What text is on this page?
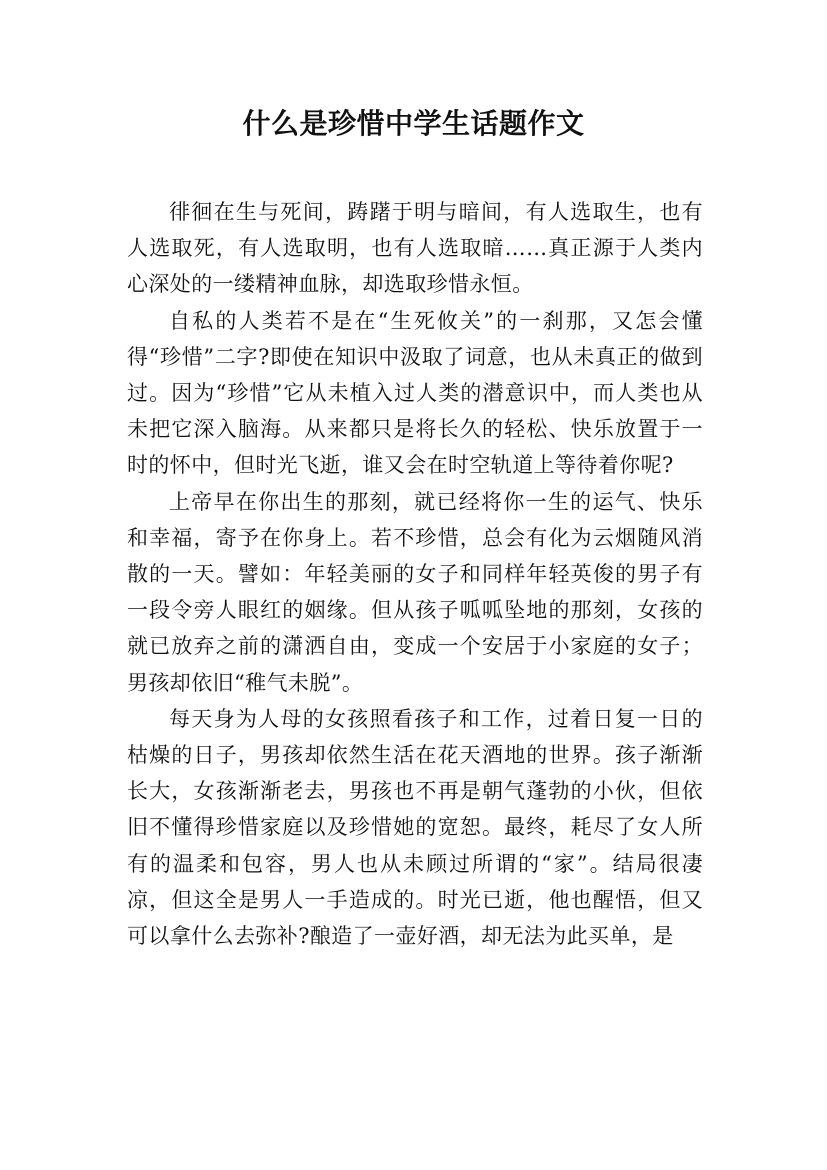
什么是珍惜中学生话题作文

徘徊在生与死间，踌躇于明与暗间，有人选取生，也有人选取死，有人选取明，也有人选取暗……真正源于人类内心深处的一缕精神血脉，却选取珍惜永恒。

自私的人类若不是在“生死攸关”的一刹那，又怎会懂得“珍惜”二字?即使在知识中汲取了词意，也从未真正的做到过。因为“珍惜”它从未植入过人类的潜意识中，而人类也从未把它深入脑海。从来都只是将长久的轻松、快乐放置于一时的怀中，但时光飞逝，谁又会在时空轨道上等待着你呢?

上帝早在你出生的那刻，就已经将你一生的运气、快乐和幸福，寄予在你身上。若不珍惜，总会有化为云烟随风消散的一天。譬如：年轻美丽的女子和同样年轻英俊的男子有一段令旁人眼红的姻缘。但从孩子呱呱坠地的那刻，女孩的就已放弃之前的潇洒自由，变成一个安居于小家庭的女子；男孩却依旧“稚气未脱”。

每天身为人母的女孩照看孩子和工作，过着日复一日的枯燥的日子，男孩却依然生活在花天酒地的世界。孩子渐渐长大，女孩渐渐老去，男孩也不再是朝气蓬勃的小伙，但依旧不懂得珍惜家庭以及珍惜她的宽恕。最终，耗尽了女人所有的温柔和包容，男人也从未顾过所谓的“家”。结局很凄凉，但这全是男人一手造成的。时光已逝，他也醒悟，但又可以拿什么去弥补?酿造了一壶好酒，却无法为此买单，是
